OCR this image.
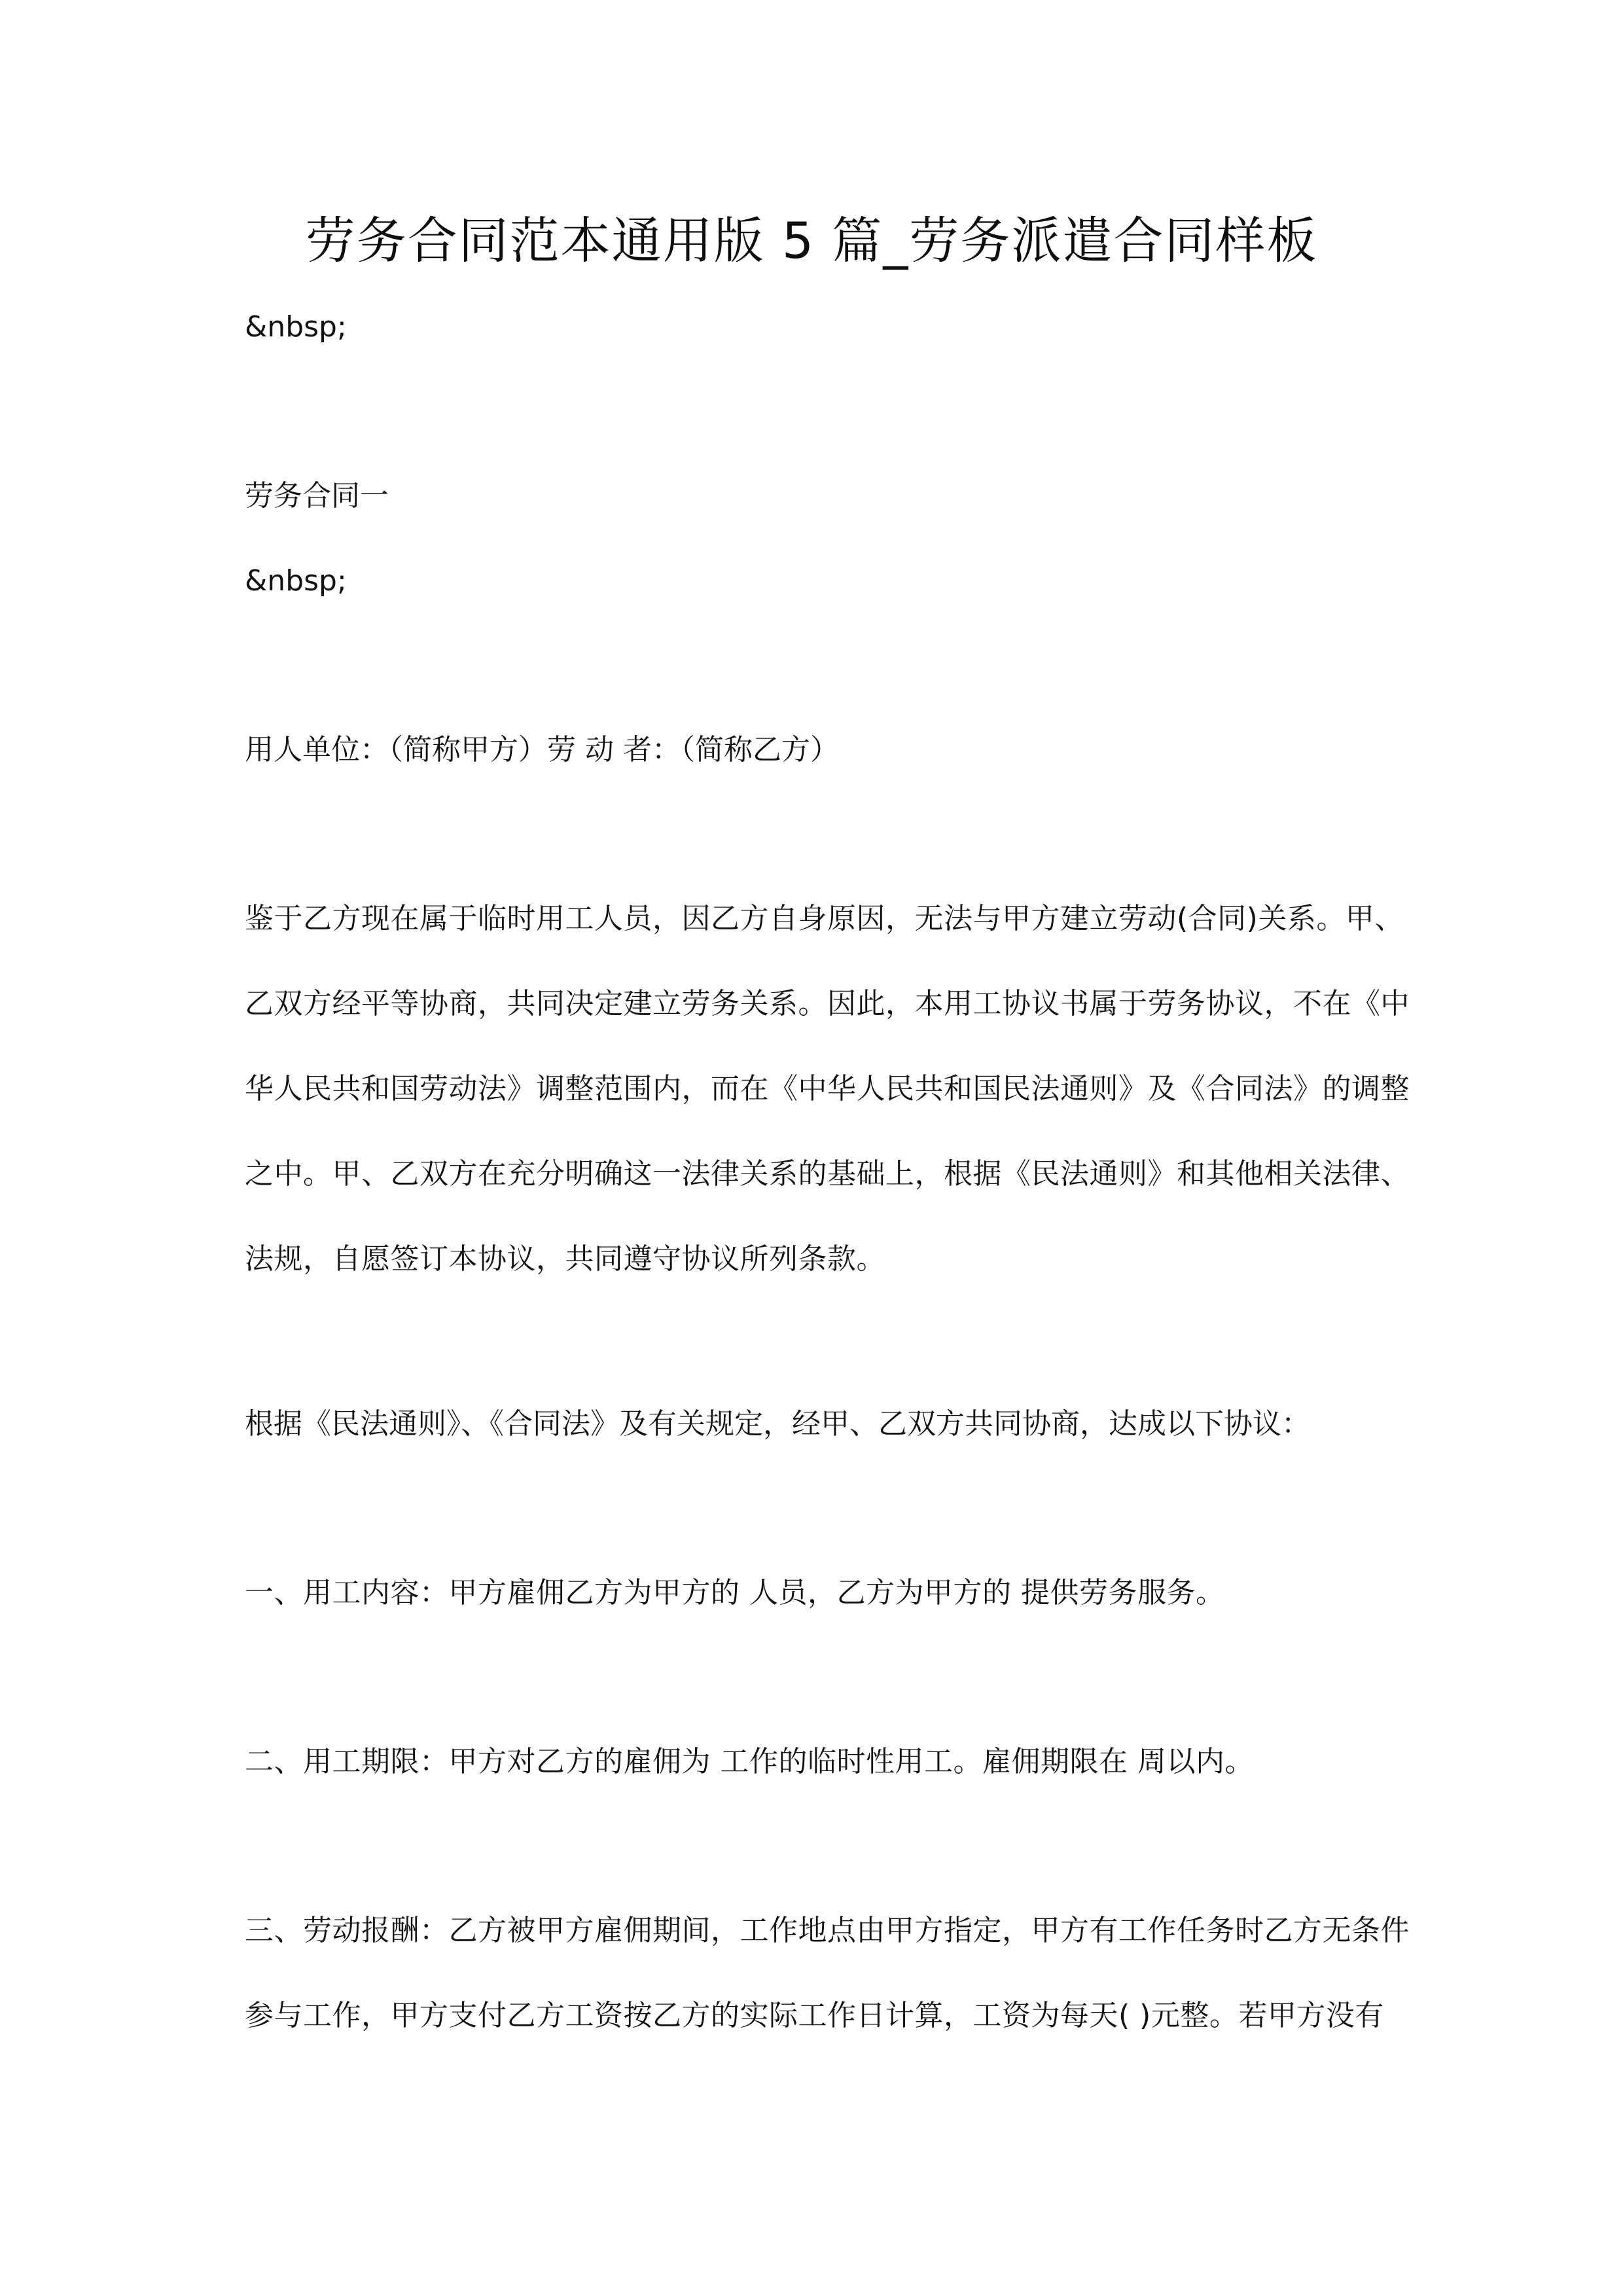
劳务合同范本通用版 5 篇_劳务派遣合同样板

&nbsp;

劳务合同一

&nbsp;

用人单位：（简称甲方）劳 动 者：（简称乙方）

鉴于乙方现在属于临时用工人员，因乙方自身原因，无法与甲方建立劳动(合同)关系。甲、
乙双方经平等协商，共同决定建立劳务关系。因此，本用工协议书属于劳务协议，不在《中
华人民共和国劳动法》调整范围内，而在《中华人民共和国民法通则》及《合同法》的调整
之中。甲、乙双方在充分明确这一法律关系的基础上，根据《民法通则》和其他相关法律、
法规，自愿签订本协议，共同遵守协议所列条款。

根据《民法通则》、《合同法》及有关规定，经甲、乙双方共同协商，达成以下协议：

一、用工内容：甲方雇佣乙方为甲方的 人员，乙方为甲方的 提供劳务服务。
二、用工期限：甲方对乙方的雇佣为 工作的临时性用工。雇佣期限在 周以内。
三、劳动报酬：乙方被甲方雇佣期间，工作地点由甲方指定，甲方有工作任务时乙方无条件
参与工作，甲方支付乙方工资按乙方的实际工作日计算，工资为每天( )元整。若甲方没有
